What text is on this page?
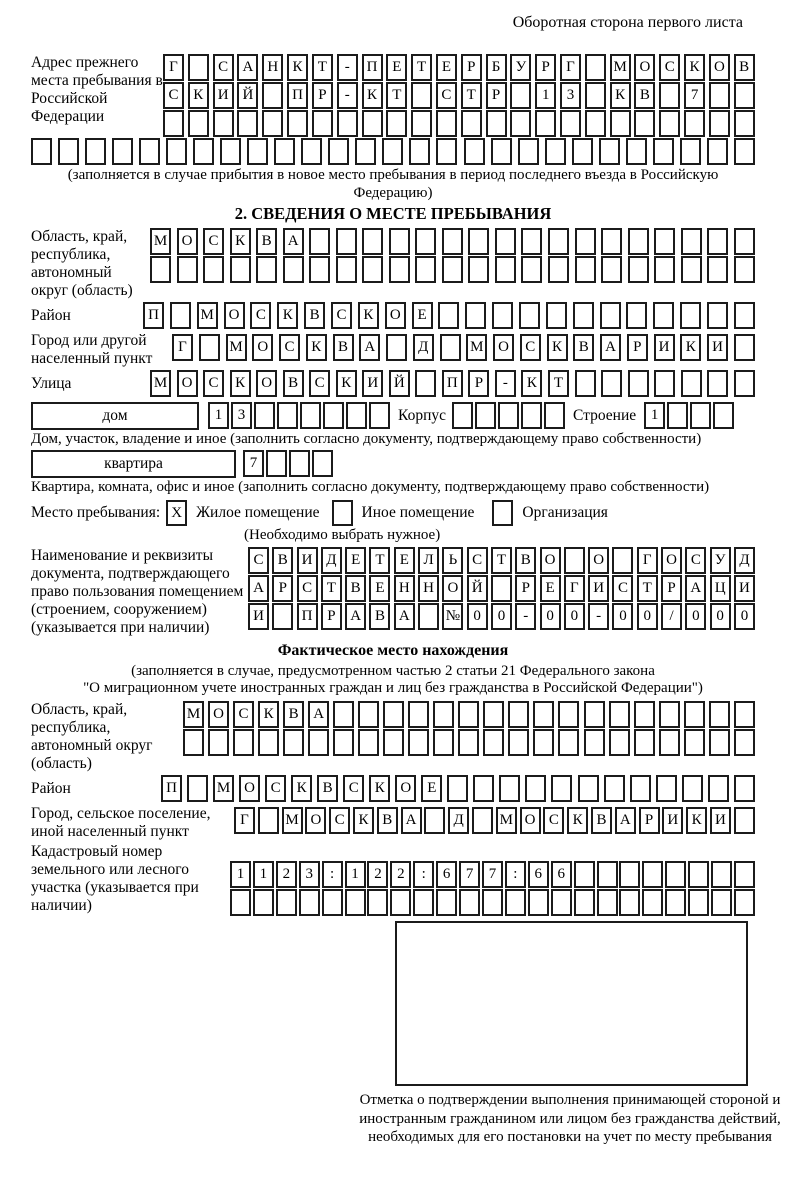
Оборотная сторона первого листа
Адрес прежнего места пребывания в Российской Федерации
Г	С А Н К	Т	-	П Е	Т	Е	Р	Б	У	Р	Г	М О С К О В
С К И Й	П	Р	-	К	Т	С	Т	Р	1	3	К В	7
(заполняется в случае прибытия в новое место пребывания в период последнего въезда в Российскую Федерацию)
2. СВЕДЕНИЯ О МЕСТЕ ПРЕБЫВАНИЯ
Область, край, республика, автономный округ (область)
М О	С	К	В	А
Район	П	М О	С	К	В	С	К	О	Е
Город или другой населенный пункт
Г	М О	С	К	В	А	Д	М О	С	К	В	А	Р	И	К	И
Улица	М О	С	К	О	В	С	К	И	Й	П	Р	-	К	Т
дом	1	3	Корпус	Строение 1
Дом, участок, владение и иное (заполнить согласно документу, подтверждающему право собственности)
квартира	7
Квартира, комната, офис и иное (заполнить согласно документу, подтверждающему право собственности)
Место пребывания: X Жилое помещение	Иное помещение	Организация
(Необходимо выбрать нужное)
Наименование и реквизиты документа, подтверждающего право пользования помещением (строением, сооружением) (указывается при наличии)
С В И Д Е	Т	Е Л Ь С Т В О	О	Г О С У Д
А Р	С Т В Е Н Н О Й	Р	Е	Г И С Т	Р А Ц И
И	П Р А В А	№ 0	0	-	0	0	-	0	0	/	0	0	0
Фактическое место нахождения
(заполняется в случае, предусмотренном частью 2 статьи 21 Федерального закона
"О миграционном учете иностранных граждан и лиц без гражданства в Российской Федерации")
Область, край, республика, автономный округ (область)
М О С	К	В А
Район	П	М О	С	К	В	С	К	О	Е
Город, сельское поселение, иной населенный пункт
Г	М О С К В А	Д	М О С К В А Р И К И
Кадастровый номер земельного или лесного участка (указывается при наличии)
1	1	2	3	:	1	2	2	:	6	7	7	:	6	6
Отметка о подтверждении выполнения принимающей стороной и иностранным гражданином или лицом без гражданства действий, необходимых для его постановки на учет по месту пребывания
